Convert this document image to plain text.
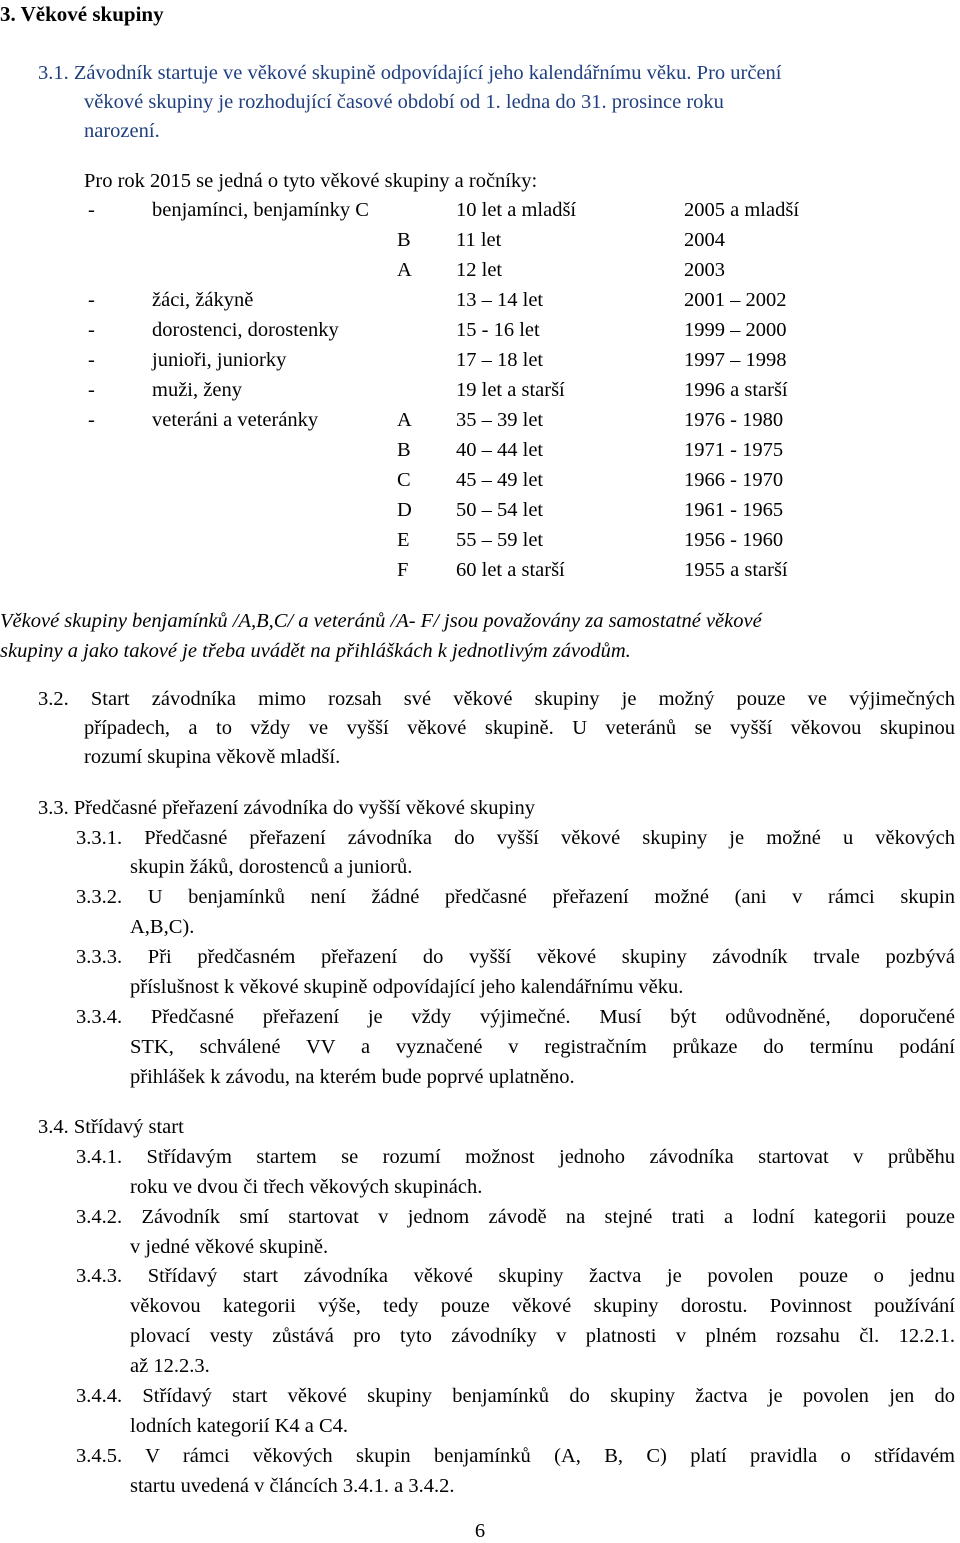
3. Věkové skupiny
3.1. Závodník startuje ve věkové skupině odpovídající jeho kalendářnímu věku. Pro určení
věkové skupiny je rozhodující časové období od 1. ledna do 31. prosince roku
narození.
Pro rok 2015 se jedná o tyto věkové skupiny a ročníky:
-	benjamínci, benjamínky C	10 let a mladší	2005 a mladší
B 11 let	2004
A 12 let	2003
-	žáci, žákyně	13 – 14 let	2001 – 2002
-	dorostenci, dorostenky	15 - 16 let	1999 – 2000
-	junioři, juniorky	17 – 18 let	1997 – 1998
-	muži, ženy	19 let a starší	1996 a starší
-	veteráni a veteránky	A 35 – 39 let	1976 - 1980
B 40 – 44 let	1971 - 1975
C 45 – 49 let	1966 - 1970
D 50 – 54 let	1961 - 1965
E 55 – 59 let	1956 - 1960
F 60 let a starší	1955 a starší
Věkové skupiny benjamínků /A,B,C/ a veteránů /A- F/ jsou považovány za samostatné věkové
skupiny a jako takové je třeba uvádět na přihláškách k jednotlivým závodům.
3.2. Start závodníka mimo rozsah své věkové skupiny je možný pouze ve výjimečných
případech, a to vždy ve vyšší věkové skupině. U veteránů se vyšší věkovou skupinou
rozumí skupina věkově mladší.
3.3. Předčasné přeřazení závodníka do vyšší věkové skupiny
3.3.1. Předčasné přeřazení závodníka do vyšší věkové skupiny je možné u věkových
skupin žáků, dorostenců a juniorů.
3.3.2. U benjamínků není žádné předčasné přeřazení možné (ani v rámci skupin
A,B,C).
3.3.3. Při předčasném přeřazení do vyšší věkové skupiny závodník trvale pozbývá
příslušnost k věkové skupině odpovídající jeho kalendářnímu věku.
3.3.4. Předčasné přeřazení je vždy výjimečné. Musí být odůvodněné, doporučené
STK, schválené VV a vyznačené v registračním průkaze do termínu podání
přihlášek k závodu, na kterém bude poprvé uplatněno.
3.4. Střídavý start
3.4.1. Střídavým startem se rozumí možnost jednoho závodníka startovat v průběhu
roku ve dvou či třech věkových skupinách.
3.4.2. Závodník smí startovat v jednom závodě na stejné trati a lodní kategorii pouze
v jedné věkové skupině.
3.4.3. Střídavý start závodníka věkové skupiny žactva je povolen pouze o jednu
věkovou kategorii výše, tedy pouze věkové skupiny dorostu. Povinnost používání
plovací vesty zůstává pro tyto závodníky v platnosti v plném rozsahu čl. 12.2.1.
až 12.2.3.
3.4.4. Střídavý start věkové skupiny benjamínků do skupiny žactva je povolen jen do
lodních kategorií K4 a C4.
3.4.5. V rámci věkových skupin benjamínků (A, B, C) platí pravidla o střídavém
startu uvedená v článcích 3.4.1. a 3.4.2.
6
